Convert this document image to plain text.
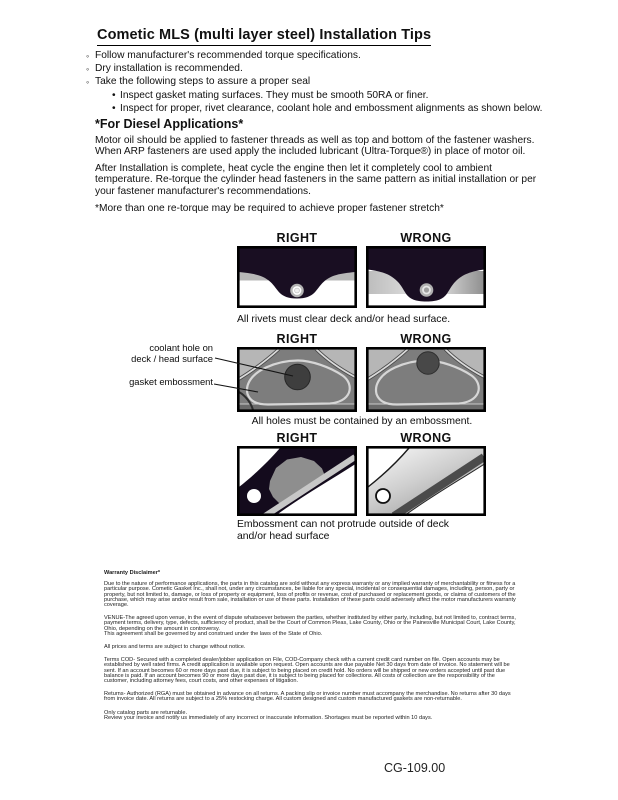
Cometic MLS (multi layer steel) Installation Tips
◦ Follow manufacturer's recommended torque specifications.
◦ Dry installation is recommended.
◦ Take the following steps to assure a proper seal
• Inspect gasket mating surfaces. They must be smooth 50RA or finer.
• Inspect for proper, rivet clearance, coolant hole and embossment alignments as shown below.
*For Diesel Applications*
Motor oil should be applied to fastener threads as well as top and bottom of the fastener washers. When ARP fasteners are used apply the included lubricant (Ultra-Torque®) in place of motor oil.
After Installation is complete, heat cycle the engine then let it completely cool to ambient temperature. Re-torque the cylinder head fasteners in the same pattern as initial installation or per your fastener manufacturer's recommendations.
*More than one re-torque may be required to achieve proper fastener stretch*
RIGHT	WRONG
All rivets must clear deck and/or head surface.
coolant hole on
deck / head surface
gasket embossment
RIGHT	WRONG
All holes must be contained by an embossment.
RIGHT	WRONG
Embossment can not protrude outside of deck
and/or head surface
Warranty Disclaimer*
Due to the nature of performance applications, the parts in this catalog are sold without any express warranty or any implied warranty of merchantability or fitness for a particular purpose. Cometic Gasket Inc., shall not, under any circumstances, be liable for any special, incidental or consequential damages, including, person, party or property, but not limited to, damage, or loss of property or equipment, loss of profits or revenue, cost of purchased or replacement goods, or claims of customers of the purchase, which may arise and/or result from sale, installation or use of these parts. Installation of these parts could adversely affect the motor manufacturers warranty coverage.
VENUE-The agreed upon venue, in the event of dispute whatsoever between the parties, whether instituted by either party, including, but not limited to, contract terms, payment terms, delivery, type, defects, sufficiency of product, shall be the Court of Common Pleas, Lake County, Ohio or the Painesville Municipal Court, Lake County, Ohio, depending on the amount in controversy.
This agreement shall be governed by and construed under the laws of the State of Ohio.
All prices and terms are subject to change without notice.
Terms COD- Secured with a completed dealer/jobber application on File, COD-Company check with a current credit card number on file. Open accounts may be established by well rated firms. A credit application is available upon request. Open accounts are due payable Net 30 days from date of invoice. No statement will be sent. If an account becomes 60 or more days past due, it is subject to being placed on credit hold. No orders will be shipped or new orders accepted until past due balance is paid. If an account becomes 90 or more days past due, it is subject to being placed for collections. All costs of collection are the responsibility of the customer, including attorney fees, court costs, and other expenses of litigation.
Returns- Authorized (RGA) must be obtained in advance on all returns. A packing slip or invoice number must accompany the merchandise. No returns after 30 days from invoice date. All returns are subject to a 25% restocking charge. All custom designed and custom manufactured gaskets are non-returnable.
Only catalog parts are returnable.
Review your invoice and notify us immediately of any incorrect or inaccurate information. Shortages must be reported within 10 days.
CG-109.00
